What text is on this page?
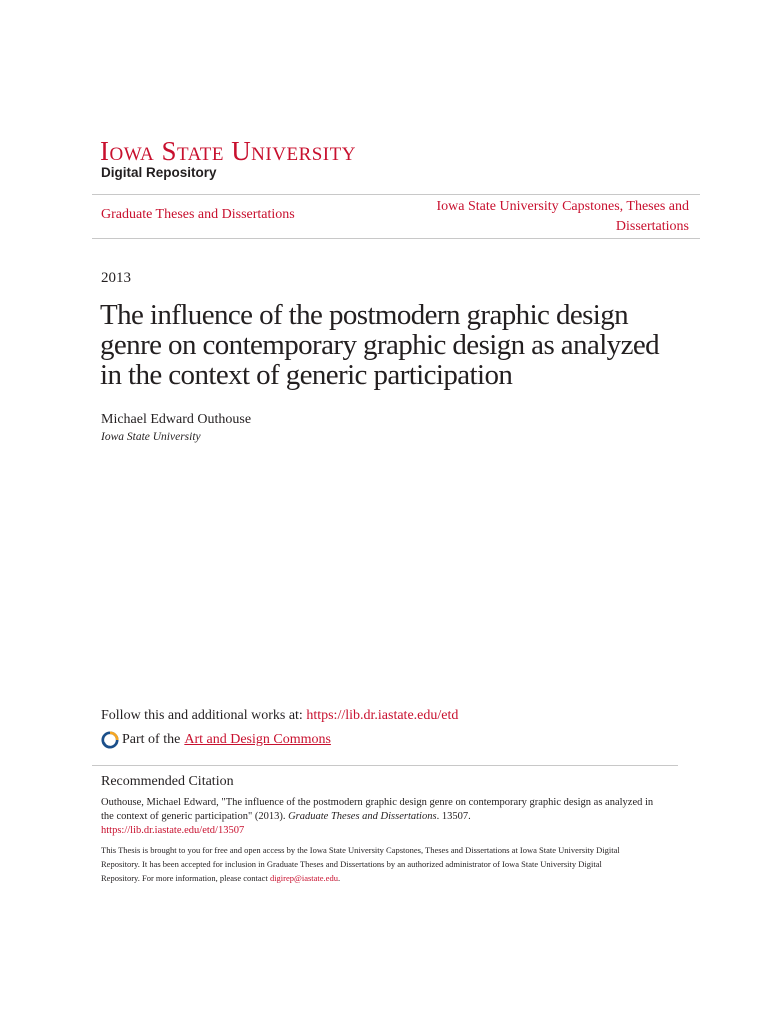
Iowa State University
Digital Repository
Graduate Theses and Dissertations
Iowa State University Capstones, Theses and
Dissertations
2013
The influence of the postmodern graphic design
genre on contemporary graphic design as analyzed
in the context of generic participation
Michael Edward Outhouse
Iowa State University
Follow this and additional works at: https://lib.dr.iastate.edu/etd
Part of the Art and Design Commons
Recommended Citation
Outhouse, Michael Edward, "The influence of the postmodern graphic design genre on contemporary graphic design as analyzed in
the context of generic participation" (2013). Graduate Theses and Dissertations. 13507.
https://lib.dr.iastate.edu/etd/13507
This Thesis is brought to you for free and open access by the Iowa State University Capstones, Theses and Dissertations at Iowa State University Digital
Repository. It has been accepted for inclusion in Graduate Theses and Dissertations by an authorized administrator of Iowa State University Digital
Repository. For more information, please contact digirep@iastate.edu.
